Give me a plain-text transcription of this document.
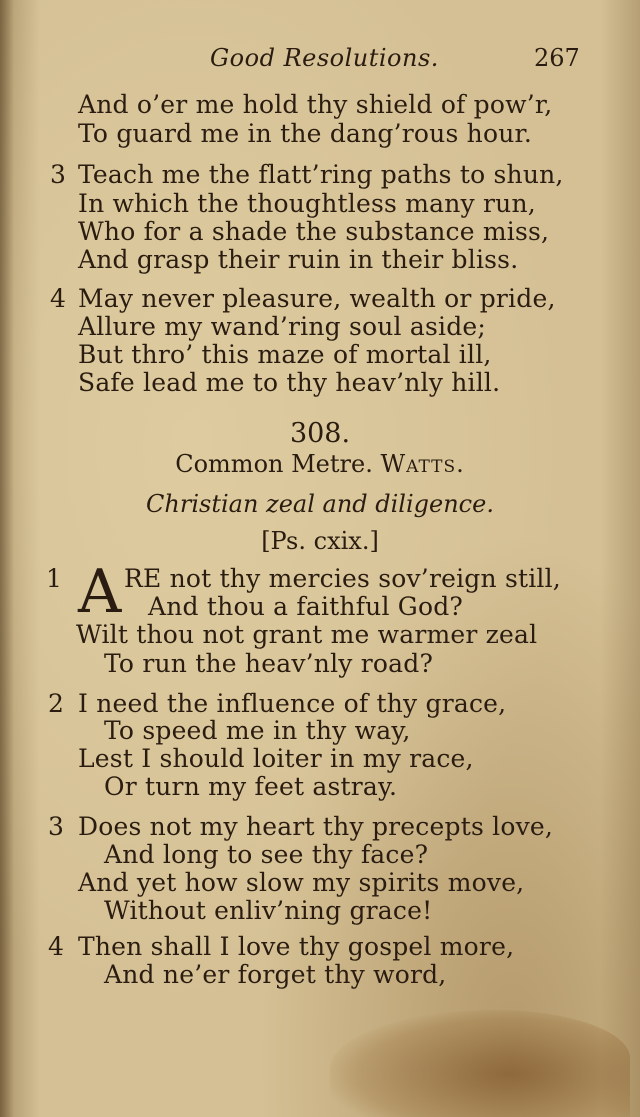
Good Resolutions.	267
And o’er me hold thy shield of pow’r,
To guard me in the dang’rous hour.
3 Teach me the flatt’ring paths to shun,
In which the thoughtless many run,
Who for a shade the substance miss,
And grasp their ruin in their bliss.
4 May never pleasure, wealth or pride,
Allure my wand’ring soul aside;
But thro’ this maze of mortal ill,
Safe lead me to thy heav’nly hill.
308.
Common Metre. Watts.
Christian zeal and diligence.
[Ps. cxix.]
1 A RE not thy mercies sov’reign still,
And thou a faithful God?
Wilt thou not grant me warmer zeal
To run the heav’nly road?
2 I need the influence of thy grace,
To speed me in thy way,
Lest I should loiter in my race,
Or turn my feet astray.
3 Does not my heart thy precepts love,
And long to see thy face?
And yet how slow my spirits move,
Without enliv’ning grace!
4 Then shall I love thy gospel more,
And ne’er forget thy word,
